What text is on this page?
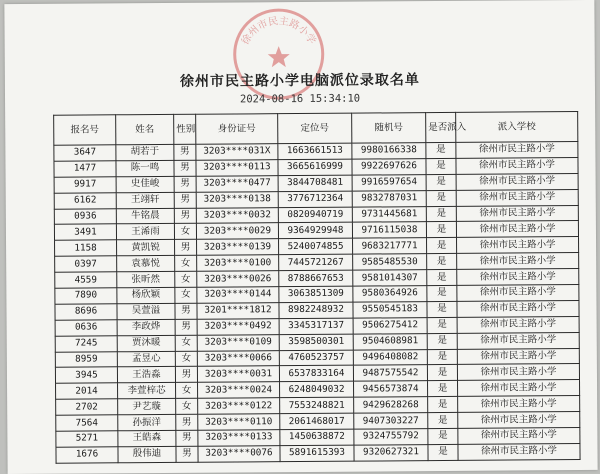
徐州市民主路小学
徐州市民主路小学电脑派位录取名单
2024-08-16 15:34:10
报名号	姓名	性别	身份证号	定位号	随机号	是否派入	派入学校
3647	胡若于	男	3203****031X	1663661513	9980166338	是	徐州市民主路小学
1477	陈一鸣	男	3203****0113	3665616999	9922697626	是	徐州市民主路小学
9917	史佳峻	男	3203****0477	3844708481	9916597654	是	徐州市民主路小学
6162	王翊轩	男	3203****0138	3776712364	9832787031	是	徐州市民主路小学
0936	牛铭晨	男	3203****0032	0820940719	9731445681	是	徐州市民主路小学
3491	王浠雨	女	3203****0029	9364929948	9716115038	是	徐州市民主路小学
1158	黄凯锐	男	3203****0139	5240074855	9683217771	是	徐州市民主路小学
0397	袁慕悦	女	3203****0100	7445721267	9585485530	是	徐州市民主路小学
4559	张昕然	女	3203****0026	8788667653	9581014307	是	徐州市民主路小学
7890	杨欣颖	女	3203****0144	3063851309	9580364926	是	徐州市民主路小学
8696	吴萱溢	男	3201****1812	8982248932	9550545183	是	徐州市民主路小学
0636	李政烨	男	3203****0492	3345317137	9506275412	是	徐州市民主路小学
7245	贾沐暖	女	3203****0109	3598500301	9504608981	是	徐州市民主路小学
8959	孟昱心	女	3203****0066	4760523757	9496408082	是	徐州市民主路小学
3945	王浩淼	男	3203****0031	6537833164	9487575542	是	徐州市民主路小学
2014	李萱梓芯	女	3203****0024	6248049032	9456573874	是	徐州市民主路小学
2702	尹艺璇	女	3203****0122	7553248821	9429628268	是	徐州市民主路小学
7564	孙振洋	男	3203****0110	2061468017	9407303227	是	徐州市民主路小学
5271	王皓森	男	3203****0133	1450638872	9324755792	是	徐州市民主路小学
1676	殷伟迪	男	3203****0076	5891615393	9320627321	是	徐州市民主路小学
